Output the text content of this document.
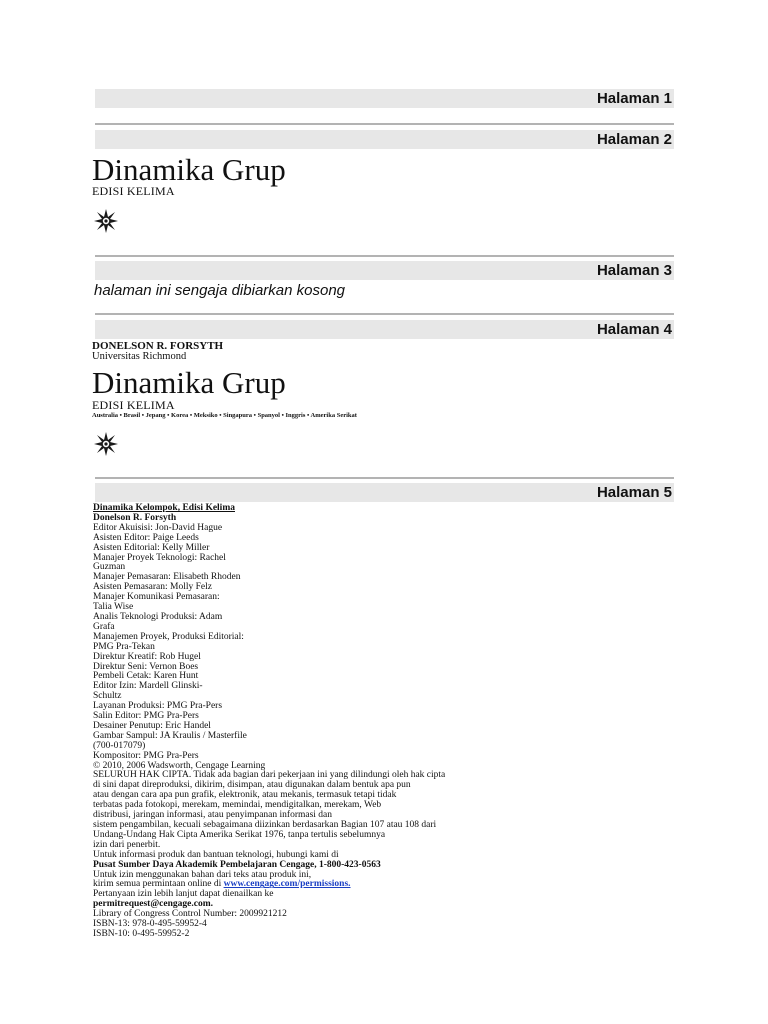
Halaman 1
Halaman 2
Dinamika Grup
EDISI KELIMA
Halaman 3
halaman ini sengaja dibiarkan kosong
Halaman 4
DONELSON R. FORSYTH
Universitas Richmond
Dinamika Grup
EDISI KELIMA
Australia • Brasil • Jepang • Korea • Meksiko • Singapura • Spanyol • Inggris • Amerika Serikat
Halaman 5
Dinamika Kelompok, Edisi Kelima
Donelson R. Forsyth
Editor Akuisisi: Jon-David Hague
Asisten Editor: Paige Leeds
Asisten Editorial: Kelly Miller
Manajer Proyek Teknologi: Rachel
Guzman
Manajer Pemasaran: Elisabeth Rhoden
Asisten Pemasaran: Molly Felz
Manajer Komunikasi Pemasaran:
Talia Wise
Analis Teknologi Produksi: Adam
Grafa
Manajemen Proyek, Produksi Editorial:
PMG Pra-Tekan
Direktur Kreatif: Rob Hugel
Direktur Seni: Vernon Boes
Pembeli Cetak: Karen Hunt
Editor Izin: Mardell Glinski-
Schultz
Layanan Produksi: PMG Pra-Pers
Salin Editor: PMG Pra-Pers
Desainer Penutup: Eric Handel
Gambar Sampul: JA Kraulis / Masterfile
(700-017079)
Kompositor: PMG Pra-Pers
© 2010, 2006 Wadsworth, Cengage Learning
SELURUH HAK CIPTA. Tidak ada bagian dari pekerjaan ini yang dilindungi oleh hak cipta
di sini dapat direproduksi, dikirim, disimpan, atau digunakan dalam bentuk apa pun
atau dengan cara apa pun grafik, elektronik, atau mekanis, termasuk tetapi tidak
terbatas pada fotokopi, merekam, memindai, mendigitalkan, merekam, Web
distribusi, jaringan informasi, atau penyimpanan informasi dan
sistem pengambilan, kecuali sebagaimana diizinkan berdasarkan Bagian 107 atau 108 dari
Undang-Undang Hak Cipta Amerika Serikat 1976, tanpa tertulis sebelumnya
izin dari penerbit.
Untuk informasi produk dan bantuan teknologi, hubungi kami di
Pusat Sumber Daya Akademik Pembelajaran Cengage, 1-800-423-0563
Untuk izin menggunakan bahan dari teks atau produk ini,
kirim semua permintaan online di www.cengage.com/permissions.
Pertanyaan izin lebih lanjut dapat dienailkan ke
permitrequest@cengage.com.
Library of Congress Control Number: 2009921212
ISBN-13: 978-0-495-59952-4
ISBN-10: 0-495-59952-2
